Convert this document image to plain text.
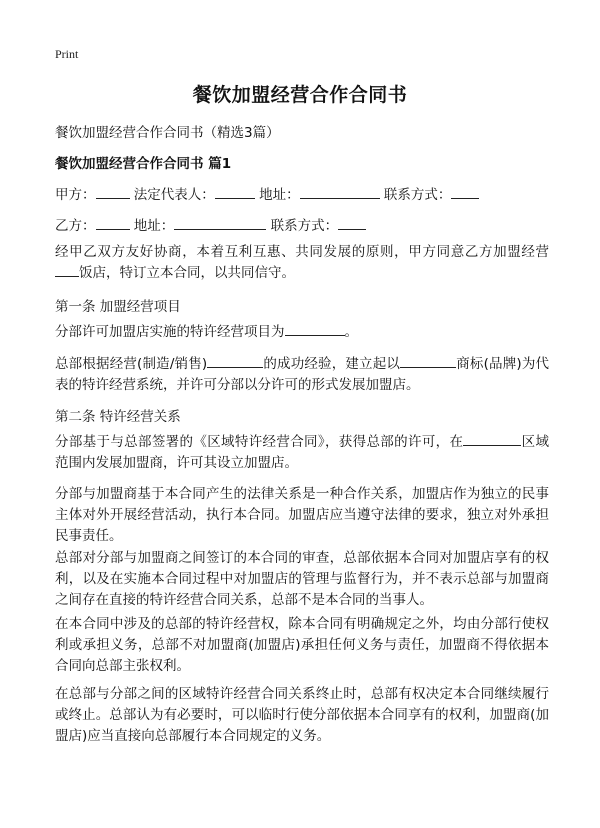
Print
餐饮加盟经营合作合同书
餐饮加盟经营合作合同书（精选3篇）
餐饮加盟经营合作合同书 篇1
甲方：	法定代表人：	地址：	联系方式：
乙方：	地址：	联系方式：
经甲乙双方友好协商，本着互利互惠、共同发展的原则，甲方同意乙方加盟经营饭店，特订立本合同，以共同信守。
第一条 加盟经营项目
分部许可加盟店实施的特许经营项目为	。
总部根据经营(制造/销售)	的成功经验，建立起以	商标(品牌)为代表的特许经营系统，并许可分部以分许可的形式发展加盟店。
第二条 特许经营关系
分部基于与总部签署的《区域特许经营合同》，获得总部的许可，在	区域范围内发展加盟商，许可其设立加盟店。
分部与加盟商基于本合同产生的法律关系是一种合作关系，加盟店作为独立的民事主体对外开展经营活动，执行本合同。加盟店应当遵守法律的要求，独立对外承担民事责任。
总部对分部与加盟商之间签订的本合同的审查，总部依据本合同对加盟店享有的权利，以及在实施本合同过程中对加盟店的管理与监督行为，并不表示总部与加盟商之间存在直接的特许经营合同关系，总部不是本合同的当事人。
在本合同中涉及的总部的特许经营权，除本合同有明确规定之外，均由分部行使权利或承担义务，总部不对加盟商(加盟店)承担任何义务与责任，加盟商不得依据本合同向总部主张权利。
在总部与分部之间的区域特许经营合同关系终止时，总部有权决定本合同继续履行或终止。总部认为有必要时，可以临时行使分部依据本合同享有的权利，加盟商(加盟店)应当直接向总部履行本合同规定的义务。
